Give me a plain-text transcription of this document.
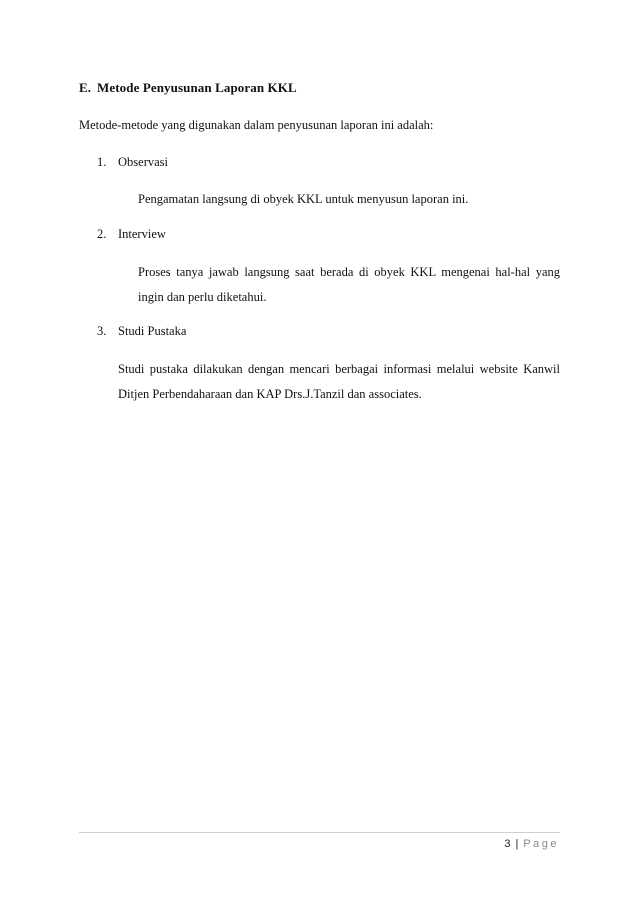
E. Metode Penyusunan Laporan KKL
Metode-metode yang digunakan dalam penyusunan laporan ini adalah:
1. Observasi
Pengamatan langsung di obyek KKL untuk menyusun laporan ini.
2. Interview
Proses tanya jawab langsung saat berada di obyek KKL mengenai hal-hal yang ingin dan perlu diketahui.
3. Studi Pustaka
Studi pustaka dilakukan dengan mencari berbagai informasi melalui website Kanwil Ditjen Perbendaharaan dan KAP Drs.J.Tanzil dan associates.
3 | Page
